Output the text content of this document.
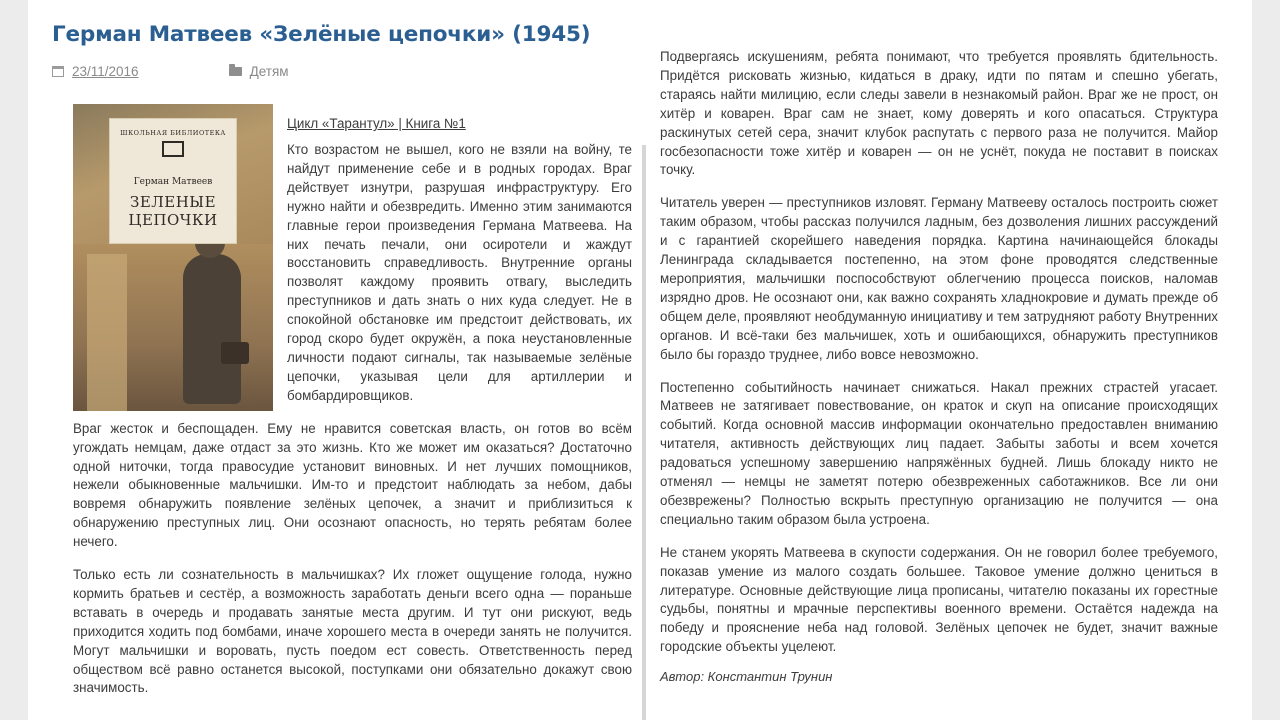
Герман Матвеев «Зелёные цепочки» (1945)
23/11/2016	Детям
ШКОЛЬНАЯ БИБЛИОТЕКА
Герман Матвеев
ЗЕЛЕНЫЕ ЦЕПОЧКИ
Цикл «Тарантул» | Книга №1

Кто возрастом не вышел, кого не взяли на войну, те найдут применение себе и в родных городах. Враг действует изнутри, разрушая инфраструктуру. Его нужно найти и обезвредить. Именно этим занимаются главные герои произведения Германа Матвеева. На них печать печали, они осиротели и жаждут восстановить справедливость. Внутренние органы позволят каждому проявить отвагу, выследить преступников и дать знать о них куда следует. Не в спокойной обстановке им предстоит действовать, их город скоро будет окружён, а пока неустановленные личности подают сигналы, так называемые зелёные цепочки, указывая цели для артиллерии и бомбардировщиков.

Враг жесток и беспощаден. Ему не нравится советская власть, он готов во всём угождать немцам, даже отдаст за это жизнь. Кто же может им оказаться? Достаточно одной ниточки, тогда правосудие установит виновных. И нет лучших помощников, нежели обыкновенные мальчишки. Им-то и предстоит наблюдать за небом, дабы вовремя обнаружить появление зелёных цепочек, а значит и приблизиться к обнаружению преступных лиц. Они осознают опасность, но терять ребятам более нечего.

Только есть ли сознательность в мальчишках? Их гложет ощущение голода, нужно кормить братьев и сестёр, а возможность заработать деньги всего одна — пораньше вставать в очередь и продавать занятые места другим. И тут они рискуют, ведь приходится ходить под бомбами, иначе хорошего места в очереди занять не получится. Могут мальчишки и воровать, пусть поедом ест совесть. Ответственность перед обществом всё равно останется высокой, поступками они обязательно докажут свою значимость.

Подвергаясь искушениям, ребята понимают, что требуется проявлять бдительность. Придётся рисковать жизнью, кидаться в драку, идти по пятам и спешно убегать, стараясь найти милицию, если следы завели в незнакомый район. Враг же не прост, он хитёр и коварен. Враг сам не знает, кому доверять и кого опасаться. Структура раскинутых сетей сера, значит клубок распутать с первого раза не получится. Майор госбезопасности тоже хитёр и коварен — он не уснёт, покуда не поставит в поисках точку.

Читатель уверен — преступников изловят. Герману Матвееву осталось построить сюжет таким образом, чтобы рассказ получился ладным, без дозволения лишних рассуждений и с гарантией скорейшего наведения порядка. Картина начинающейся блокады Ленинграда складывается постепенно, на этом фоне проводятся следственные мероприятия, мальчишки поспособствуют облегчению процесса поисков, наломав изрядно дров. Не осознают они, как важно сохранять хладнокровие и думать прежде об общем деле, проявляют необдуманную инициативу и тем затрудняют работу Внутренних органов. И всё-таки без мальчишек, хоть и ошибающихся, обнаружить преступников было бы гораздо труднее, либо вовсе невозможно.

Постепенно событийность начинает снижаться. Накал прежних страстей угасает. Матвеев не затягивает повествование, он краток и скуп на описание происходящих событий. Когда основной массив информации окончательно предоставлен вниманию читателя, активность действующих лиц падает. Забыты заботы и всем хочется радоваться успешному завершению напряжённых будней. Лишь блокаду никто не отменял — немцы не заметят потерю обезвреженных саботажников. Все ли они обезврежены? Полностью вскрыть преступную организацию не получится — она специально таким образом была устроена.

Не станем укорять Матвеева в скупости содержания. Он не говорил более требуемого, показав умение из малого создать большее. Таковое умение должно цениться в литературе. Основные действующие лица прописаны, читателю показаны их горестные судьбы, понятны и мрачные перспективы военного времени. Остаётся надежда на победу и прояснение неба над головой. Зелёных цепочек не будет, значит важные городские объекты уцелеют.

Автор: Константин Трунин
